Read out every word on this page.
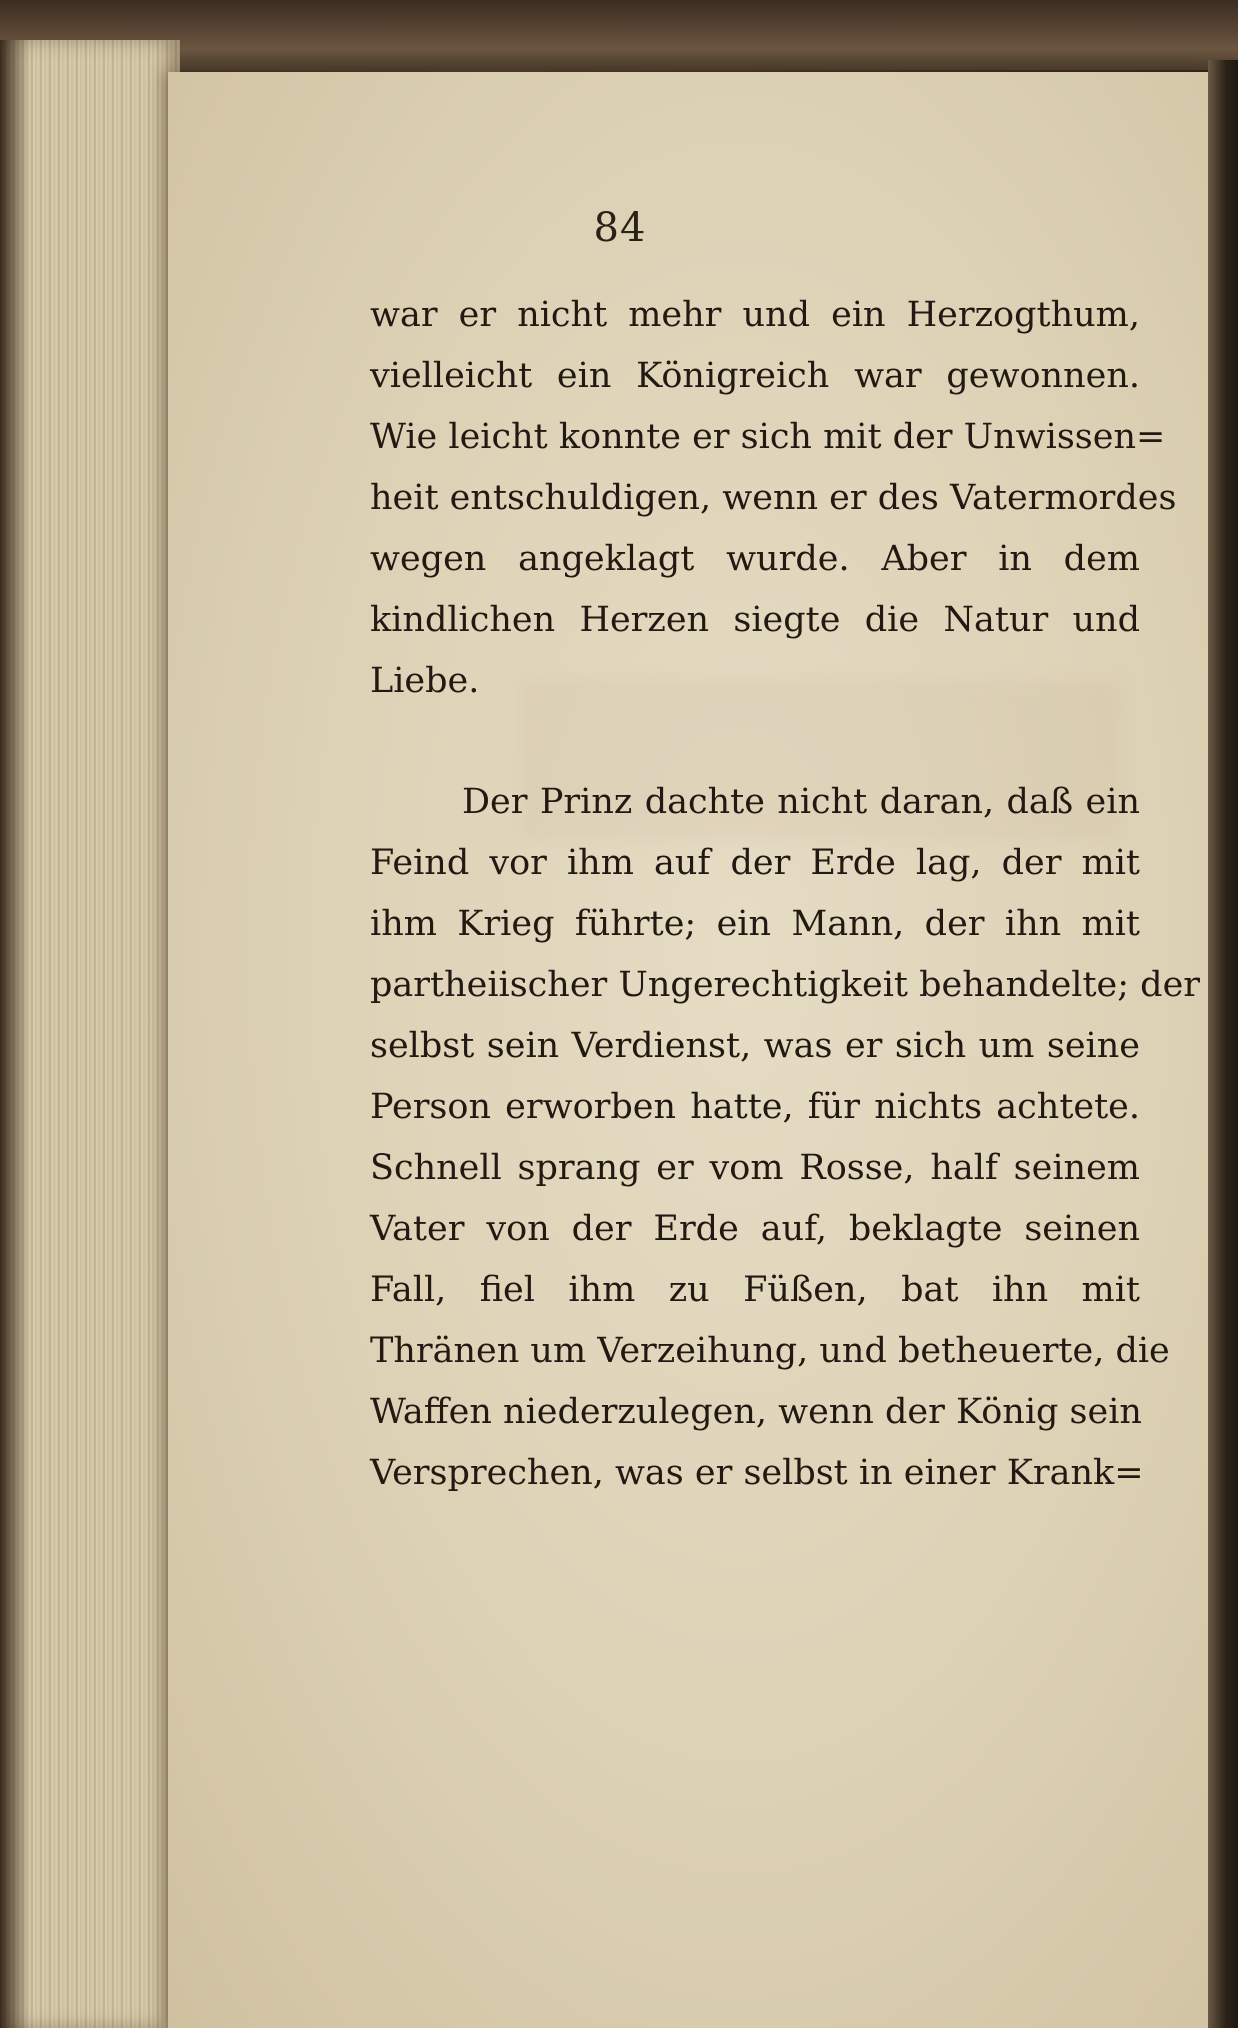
84
war er nicht mehr und ein Herzogthum,
vielleicht ein Königreich war gewonnen.
Wie leicht konnte er sich mit der Unwissen=
heit entschuldigen, wenn er des Vatermordes
wegen angeklagt wurde. Aber in dem
kindlichen Herzen siegte die Natur und
Liebe.
Der Prinz dachte nicht daran, daß ein
Feind vor ihm auf der Erde lag, der mit
ihm Krieg führte; ein Mann, der ihn mit
partheiischer Ungerechtigkeit behandelte; der
selbst sein Verdienst, was er sich um seine
Person erworben hatte, für nichts achtete.
Schnell sprang er vom Rosse, half seinem
Vater von der Erde auf, beklagte seinen
Fall, fiel ihm zu Füßen, bat ihn mit
Thränen um Verzeihung, und betheuerte, die
Waffen niederzulegen, wenn der König sein
Versprechen, was er selbst in einer Krank=
